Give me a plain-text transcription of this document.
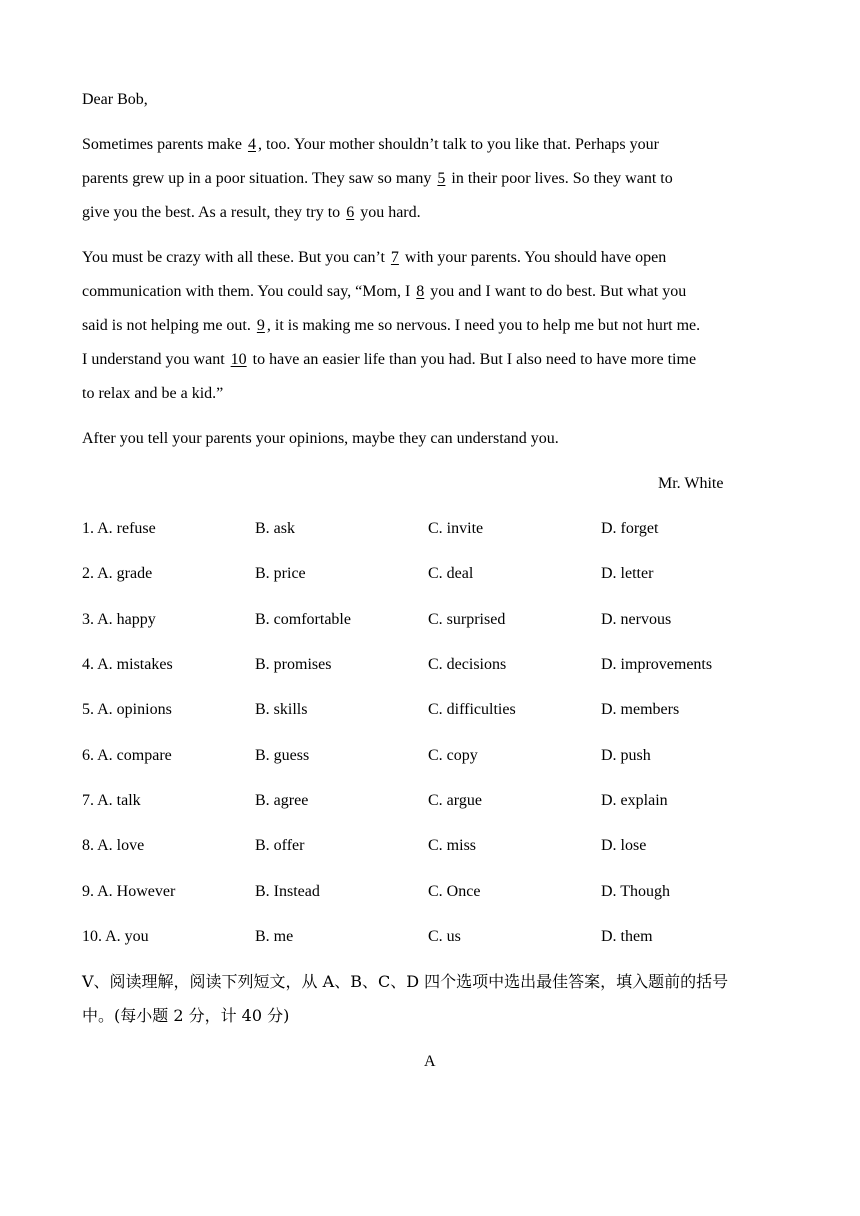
Dear Bob,
Sometimes parents make 4, too. Your mother shouldn’t talk to you like that. Perhaps your
parents grew up in a poor situation. They saw so many 5 in their poor lives. So they want to
give you the best. As a result, they try to 6 you hard.
You must be crazy with all these. But you can’t 7 with your parents. You should have open
communication with them. You could say, “Mom, I 8 you and I want to do best. But what you
said is not helping me out. 9, it is making me so nervous. I need you to help me but not hurt me.
I understand you want 10 to have an easier life than you had. But I also need to have more time
to relax and be a kid.”
After you tell your parents your opinions, maybe they can understand you.
Mr. White
1. A. refuse	B. ask	C. invite	D. forget
2. A. grade	B. price	C. deal	D. letter
3. A. happy	B. comfortable	C. surprised	D. nervous
4. A. mistakes	B. promises	C. decisions	D. improvements
5. A. opinions	B. skills	C. difficulties	D. members
6. A. compare	B. guess	C. copy	D. push
7. A. talk	B. agree	C. argue	D. explain
8. A. love	B. offer	C. miss	D. lose
9. A. However	B. Instead	C. Once	D. Though
10. A. you	B. me	C. us	D. them
V、阅读理解，阅读下列短文，从 A、B、C、D 四个选项中选出最佳答案，填入题前的括号
中。(每小题 2 分，计 40 分)
A
